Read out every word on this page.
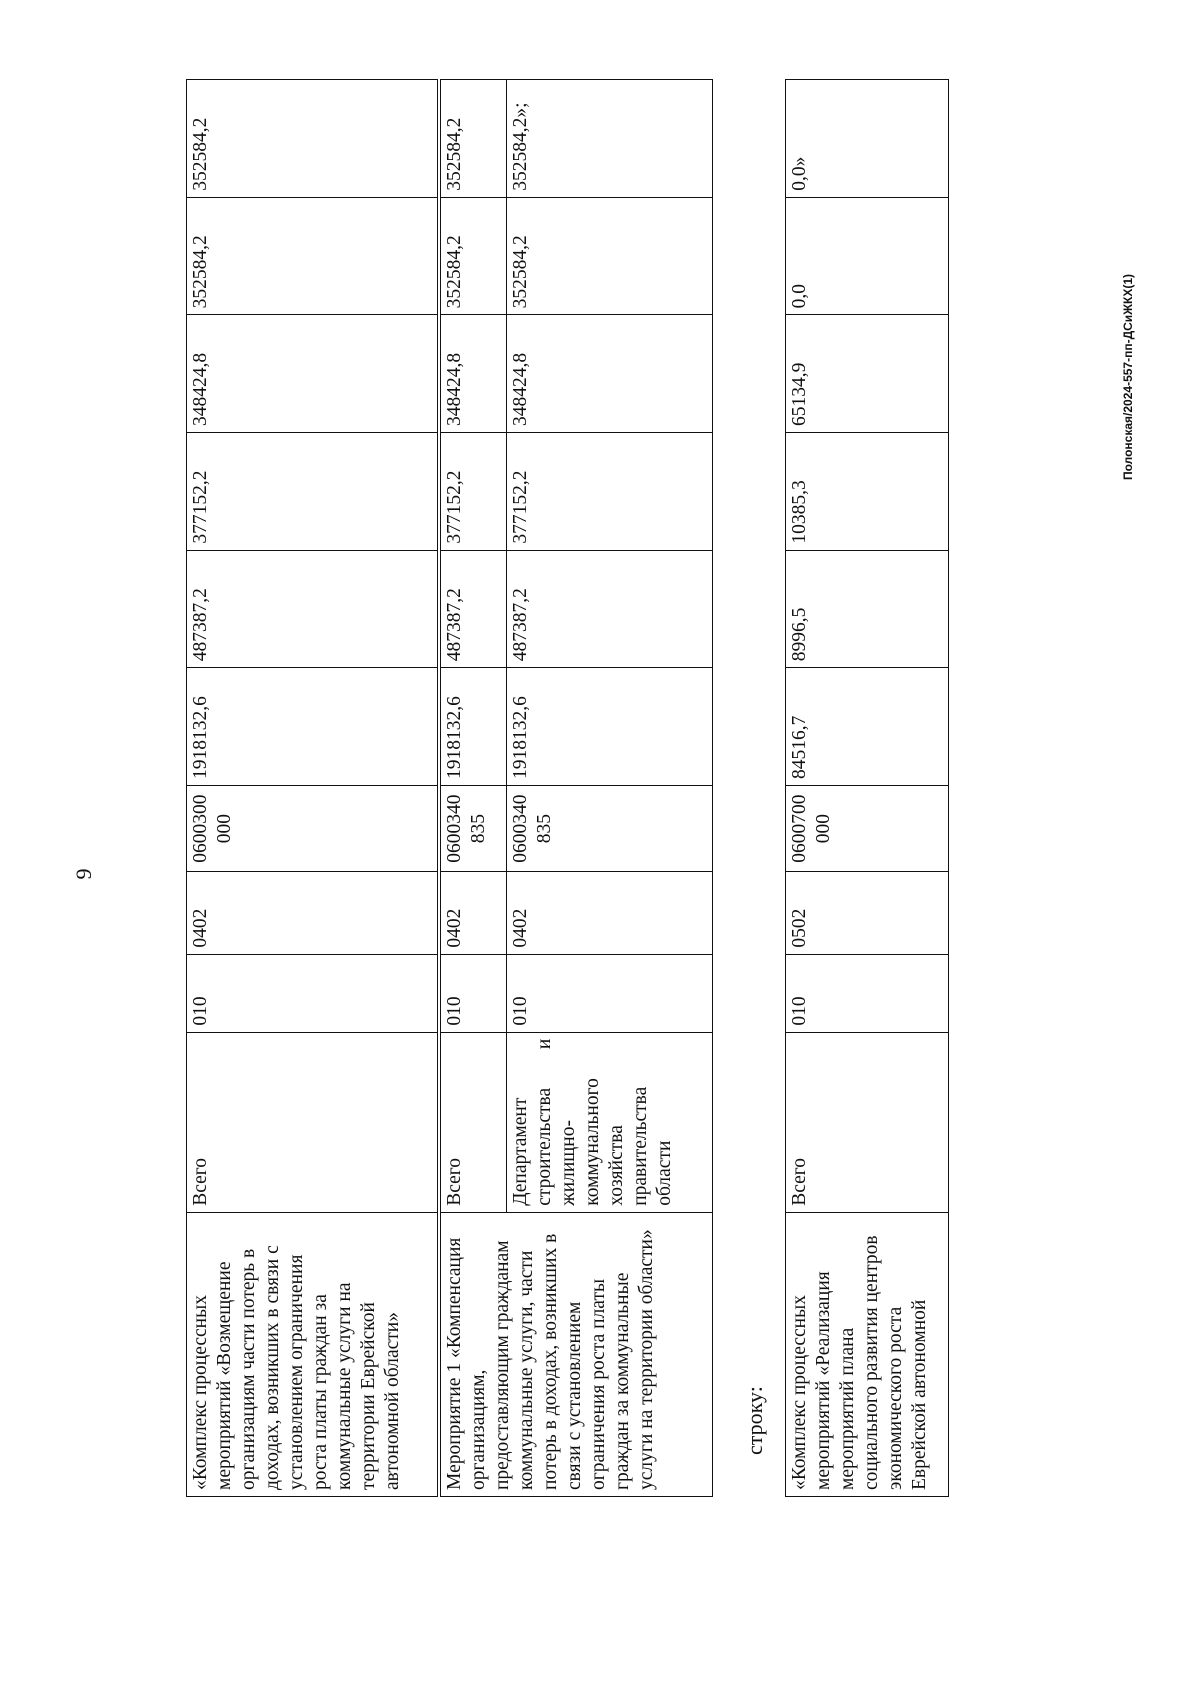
9
Полонская/2024-557-пп-ДСиЖКХ(1)
«Комплекс процессных мероприятий «Возмещение организациям части потерь в доходах, возникших в связи с установлением ограничения роста платы граждан за коммунальные услуги на территории Еврейской автономной области»	Всего	010	0402	0600300 000	1918132,6	487387,2	377152,2	348424,8	352584,2	352584,2
Мероприятие 1 «Компенсация организациям, предоставляющим гражданам коммунальные услуги, части потерь в доходах, возникших в связи с установлением ограничения роста платы граждан за коммунальные услуги на территории области»	Всего	010	0402	0600340 835	1918132,6	487387,2	377152,2	348424,8	352584,2	352584,2
	Департамент строительства и жилищно-коммунального хозяйства правительства области	010	0402	0600340 835	1918132,6	487387,2	377152,2	348424,8	352584,2	352584,2»;
строку: «Комплекс процессных мероприятий «Реализация мероприятий плана социального развития центров экономического роста Еврейской автономной	Всего	010	0502	0600700 000	84516,7	8996,5	10385,3	65134,9	0,0	0,0»
